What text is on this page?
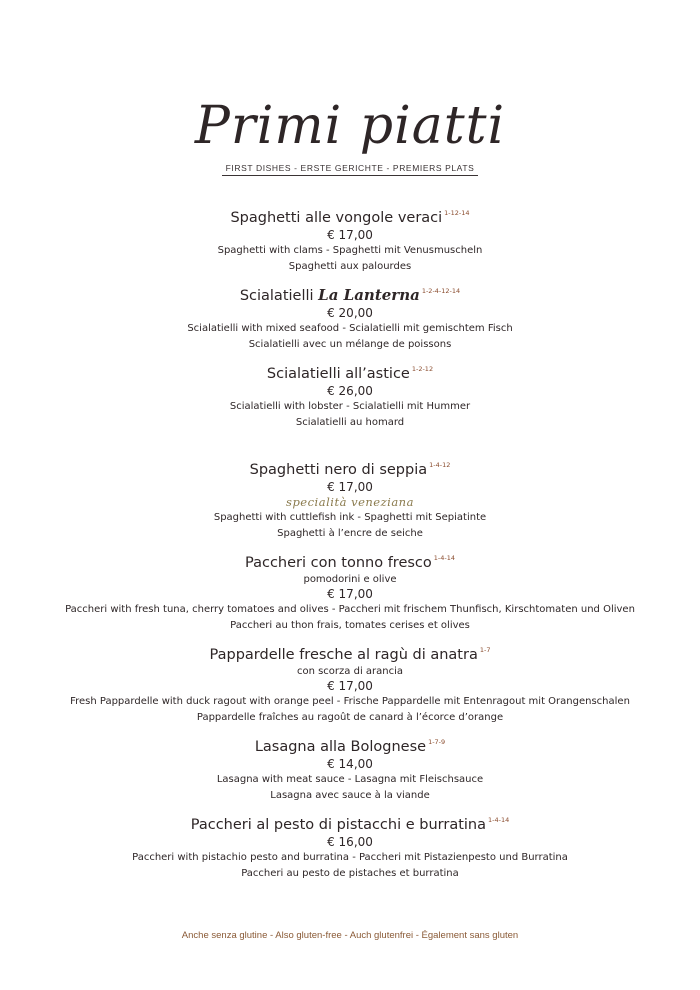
Primi piatti
FIRST DISHES - ERSTE GERICHTE - PREMIERS PLATS
Spaghetti alle vongole veraci $^{1-12-14}$
€ 17,00
Spaghetti with clams - Spaghetti mit Venusmuscheln
Spaghetti aux palourdes
Scialatielli La Lanterna $^{1-2-4-12-14}$
€ 20,00
Scialatielli with mixed seafood - Scialatielli mit gemischtem Fisch
Scialatielli avec un mélange de poissons
Scialatielli all’astice $^{1-2-12}$
€ 26,00
Scialatielli with lobster - Scialatielli mit Hummer
Scialatielli au homard
Spaghetti nero di seppia $^{1-4-12}$
€ 17,00
specialità veneziana
Spaghetti with cuttlefish ink - Spaghetti mit Sepiatinte
Spaghetti à l’encre de seiche
Paccheri con tonno fresco $^{1-4-14}$
pomodorini e olive
€ 17,00
Paccheri with fresh tuna, cherry tomatoes and olives - Paccheri mit frischem Thunfisch, Kirschtomaten und Oliven
Paccheri au thon frais, tomates cerises et olives
Pappardelle fresche al ragù di anatra $^{1-7}$
con scorza di arancia
€ 17,00
Fresh Pappardelle with duck ragout with orange peel - Frische Pappardelle mit Entenragout mit Orangenschalen
Pappardelle fraîches au ragoût de canard à l’écorce d’orange
Lasagna alla Bolognese $^{1-7-9}$
€ 14,00
Lasagna with meat sauce - Lasagna mit Fleischsauce
Lasagna avec sauce à la viande
Paccheri al pesto di pistacchi e burratina $^{1-4-14}$
€ 16,00
Paccheri with pistachio pesto and burratina - Paccheri mit Pistazienpesto und Burratina
Paccheri au pesto de pistaches et burratina
Anche senza glutine - Also gluten-free - Auch glutenfrei - Également sans gluten
